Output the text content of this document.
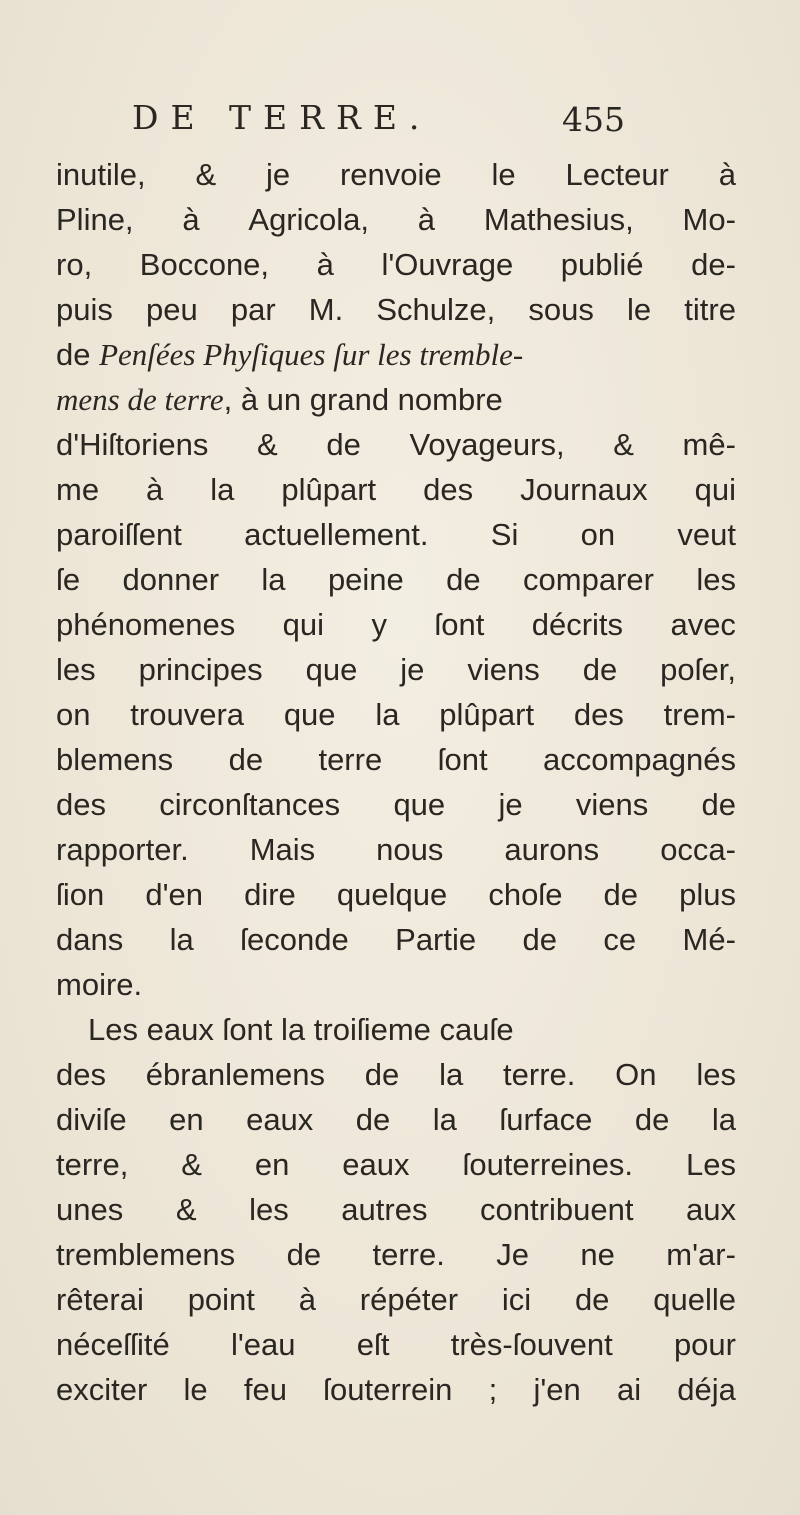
DE TERRE.	455
inutile, & je renvoie le Lecteur à
Pline, à Agricola, à Mathesius, Mo-
ro, Boccone, à l'Ouvrage publié de-
puis peu par M. Schulze, sous le titre
de Penſées Phyſiques ſur les tremble-
mens de terre, à un grand nombre
d'Hiſtoriens & de Voyageurs, & mê-
me à la plûpart des Journaux qui
paroiſſent actuellement. Si on veut
ſe donner la peine de comparer les
phénomenes qui y ſont décrits avec
les principes que je viens de poſer,
on trouvera que la plûpart des trem-
blemens de terre ſont accompagnés
des circonſtances que je viens de
rapporter. Mais nous aurons occa-
ſion d'en dire quelque choſe de plus
dans la ſeconde Partie de ce Mé-
moire.
Les eaux ſont la troiſieme cauſe
des ébranlemens de la terre. On les
diviſe en eaux de la ſurface de la
terre, & en eaux ſouterreines. Les
unes & les autres contribuent aux
tremblemens de terre. Je ne m'ar-
rêterai point à répéter ici de quelle
néceſſité l'eau eſt très-ſouvent pour
exciter le feu ſouterrein ; j'en ai déja
